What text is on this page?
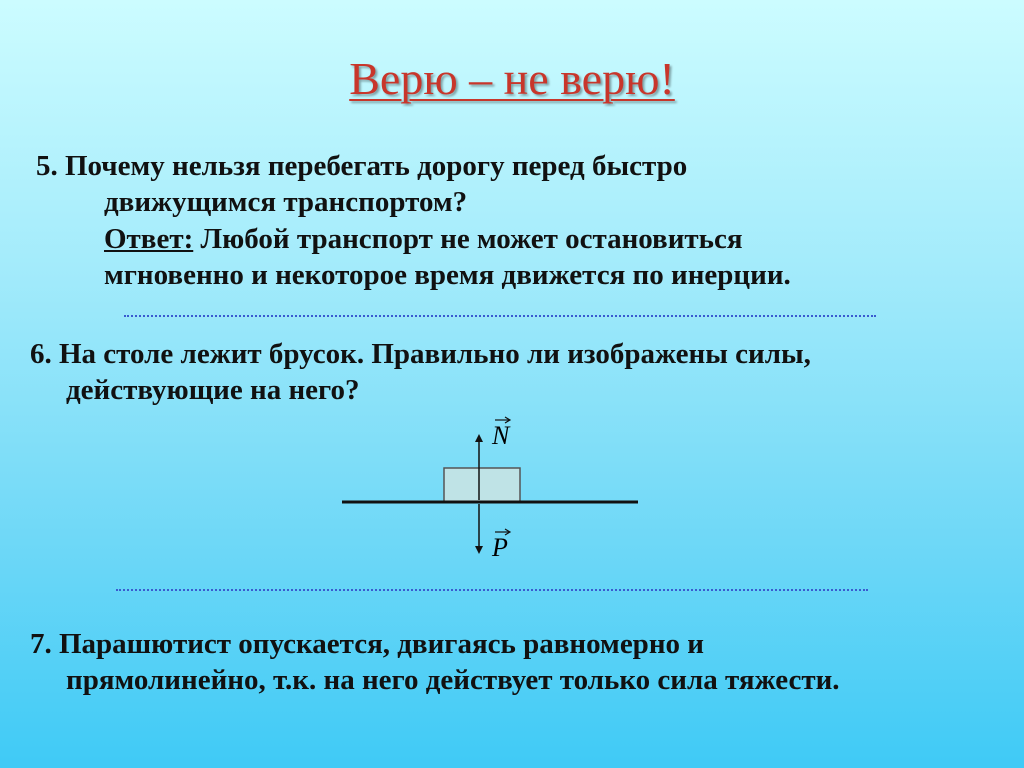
Верю – не верю!
5. Почему нельзя перебегать дорогу перед быстро
движущимся транспортом?
Ответ: Любой транспорт не может остановиться
мгновенно и некоторое время движется по инерции.
6. На столе лежит брусок. Правильно ли изображены силы,
действующие на него?
N
P
7. Парашютист опускается, двигаясь равномерно и
прямолинейно, т.к. на него действует только сила тяжести.
